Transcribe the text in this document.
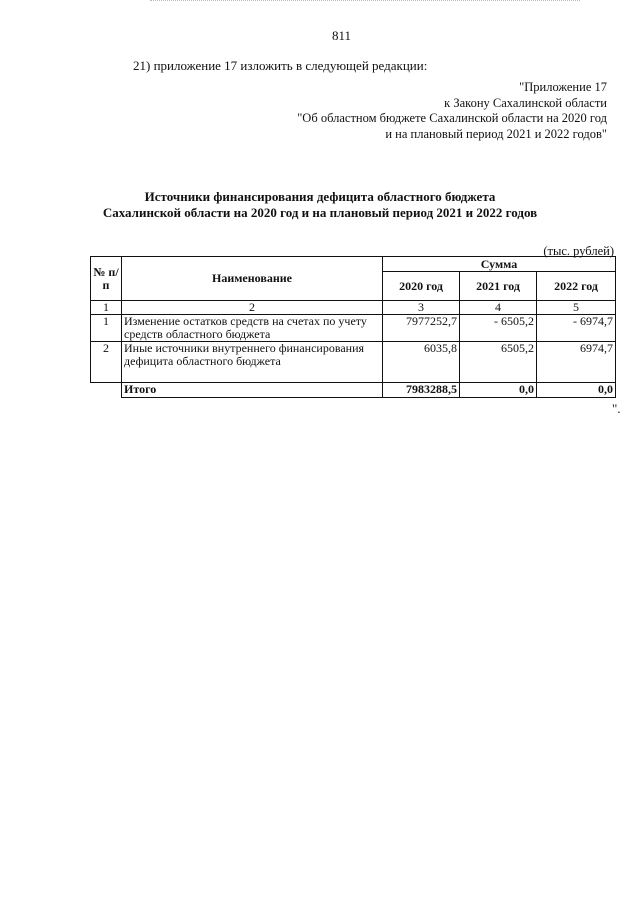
811
21) приложение 17 изложить в следующей редакции:
"Приложение 17
к Закону Сахалинской области
"Об областном бюджете Сахалинской области на 2020 год
и на плановый период 2021 и 2022 годов"
Источники финансирования дефицита областного бюджета
Сахалинской области на 2020 год и на плановый период 2021 и 2022 годов
(тыс. рублей)
№ п/п	Наименование	Сумма		
		2020 год	2021 год	2022 год
1	2	3	4	5
1	Изменение остатков средств на счетах по учету средств областного бюджета	7977252,7	- 6505,2	- 6974,7
2	Иные источники внутреннего финансирования дефицита областного бюджета	6035,8	6505,2	6974,7
	Итого	7983288,5	0,0	0,0
".
